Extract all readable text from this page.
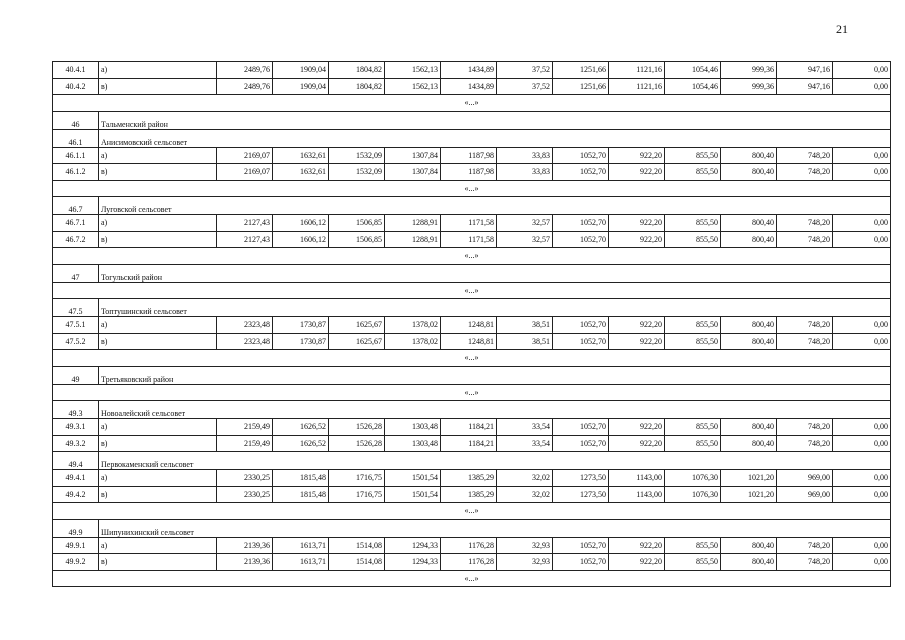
21
40.4.1	а)	2489,76	1909,04	1804,82	1562,13	1434,89	37,52	1251,66	1121,16	1054,46	999,36	947,16	0,00
40.4.2	в)	2489,76	1909,04	1804,82	1562,13	1434,89	37,52	1251,66	1121,16	1054,46	999,36	947,16	0,00
«...»													
46	Тальменский район												
46.1	Анисимовский сельсовет												
46.1.1	а)	2169,07	1632,61	1532,09	1307,84	1187,98	33,83	1052,70	922,20	855,50	800,40	748,20	0,00
46.1.2	в)	2169,07	1632,61	1532,09	1307,84	1187,98	33,83	1052,70	922,20	855,50	800,40	748,20	0,00
«...»													
46.7	Луговской сельсовет												
46.7.1	а)	2127,43	1606,12	1506,85	1288,91	1171,58	32,57	1052,70	922,20	855,50	800,40	748,20	0,00
46.7.2	в)	2127,43	1606,12	1506,85	1288,91	1171,58	32,57	1052,70	922,20	855,50	800,40	748,20	0,00
«...»													
47	Тогульский район												
«...»													
47.5	Топтушинский сельсовет												
47.5.1	а)	2323,48	1730,87	1625,67	1378,02	1248,81	38,51	1052,70	922,20	855,50	800,40	748,20	0,00
47.5.2	в)	2323,48	1730,87	1625,67	1378,02	1248,81	38,51	1052,70	922,20	855,50	800,40	748,20	0,00
«...»													
49	Третьяковский район												
«...»													
49.3	Новоалейский сельсовет												
49.3.1	а)	2159,49	1626,52	1526,28	1303,48	1184,21	33,54	1052,70	922,20	855,50	800,40	748,20	0,00
49.3.2	в)	2159,49	1626,52	1526,28	1303,48	1184,21	33,54	1052,70	922,20	855,50	800,40	748,20	0,00
49.4	Первокаменский сельсовет												
49.4.1	а)	2330,25	1815,48	1716,75	1501,54	1385,29	32,02	1273,50	1143,00	1076,30	1021,20	969,00	0,00
49.4.2	в)	2330,25	1815,48	1716,75	1501,54	1385,29	32,02	1273,50	1143,00	1076,30	1021,20	969,00	0,00
«...»													
49.9	Шипунихинский сельсовет												
49.9.1	а)	2139,36	1613,71	1514,08	1294,33	1176,28	32,93	1052,70	922,20	855,50	800,40	748,20	0,00
49.9.2	в)	2139,36	1613,71	1514,08	1294,33	1176,28	32,93	1052,70	922,20	855,50	800,40	748,20	0,00
«...»													
